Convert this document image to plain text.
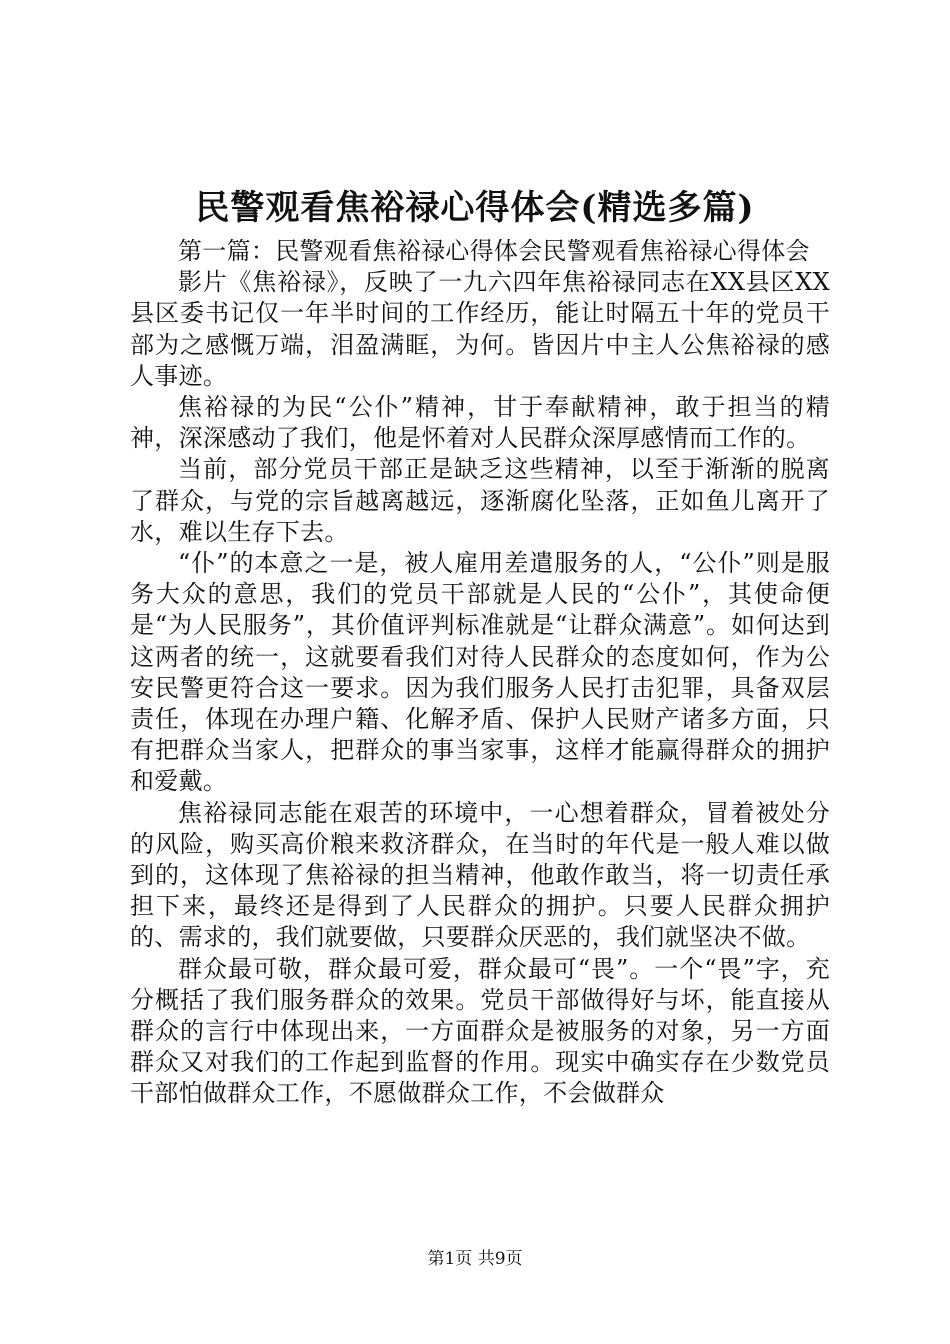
民警观看焦裕禄心得体会(精选多篇)

第一篇：民警观看焦裕禄心得体会民警观看焦裕禄心得体会

影片《焦裕禄》，反映了一九六四年焦裕禄同志在XX县区XX县区委书记仅一年半时间的工作经历，能让时隔五十年的党员干部为之感慨万端，泪盈满眶，为何。皆因片中主人公焦裕禄的感人事迹。

焦裕禄的为民“公仆”精神，甘于奉献精神，敢于担当的精神，深深感动了我们，他是怀着对人民群众深厚感情而工作的。

当前，部分党员干部正是缺乏这些精神，以至于渐渐的脱离了群众，与党的宗旨越离越远，逐渐腐化坠落，正如鱼儿离开了水，难以生存下去。

“仆”的本意之一是，被人雇用差遣服务的人，“公仆”则是服务大众的意思，我们的党员干部就是人民的“公仆”，其使命便是“为人民服务”，其价值评判标准就是“让群众满意”。如何达到这两者的统一，这就要看我们对待人民群众的态度如何，作为公安民警更符合这一要求。因为我们服务人民打击犯罪，具备双层责任，体现在办理户籍、化解矛盾、保护人民财产诸多方面，只有把群众当家人，把群众的事当家事，这样才能赢得群众的拥护和爱戴。

焦裕禄同志能在艰苦的环境中，一心想着群众，冒着被处分的风险，购买高价粮来救济群众，在当时的年代是一般人难以做到的，这体现了焦裕禄的担当精神，他敢作敢当，将一切责任承担下来，最终还是得到了人民群众的拥护。只要人民群众拥护的、需求的，我们就要做，只要群众厌恶的，我们就坚决不做。

群众最可敬，群众最可爱，群众最可“畏”。一个“畏”字，充分概括了我们服务群众的效果。党员干部做得好与坏，能直接从群众的言行中体现出来，一方面群众是被服务的对象，另一方面群众又对我们的工作起到监督的作用。现实中确实存在少数党员干部怕做群众工作，不愿做群众工作，不会做群众

第1页 共9页
